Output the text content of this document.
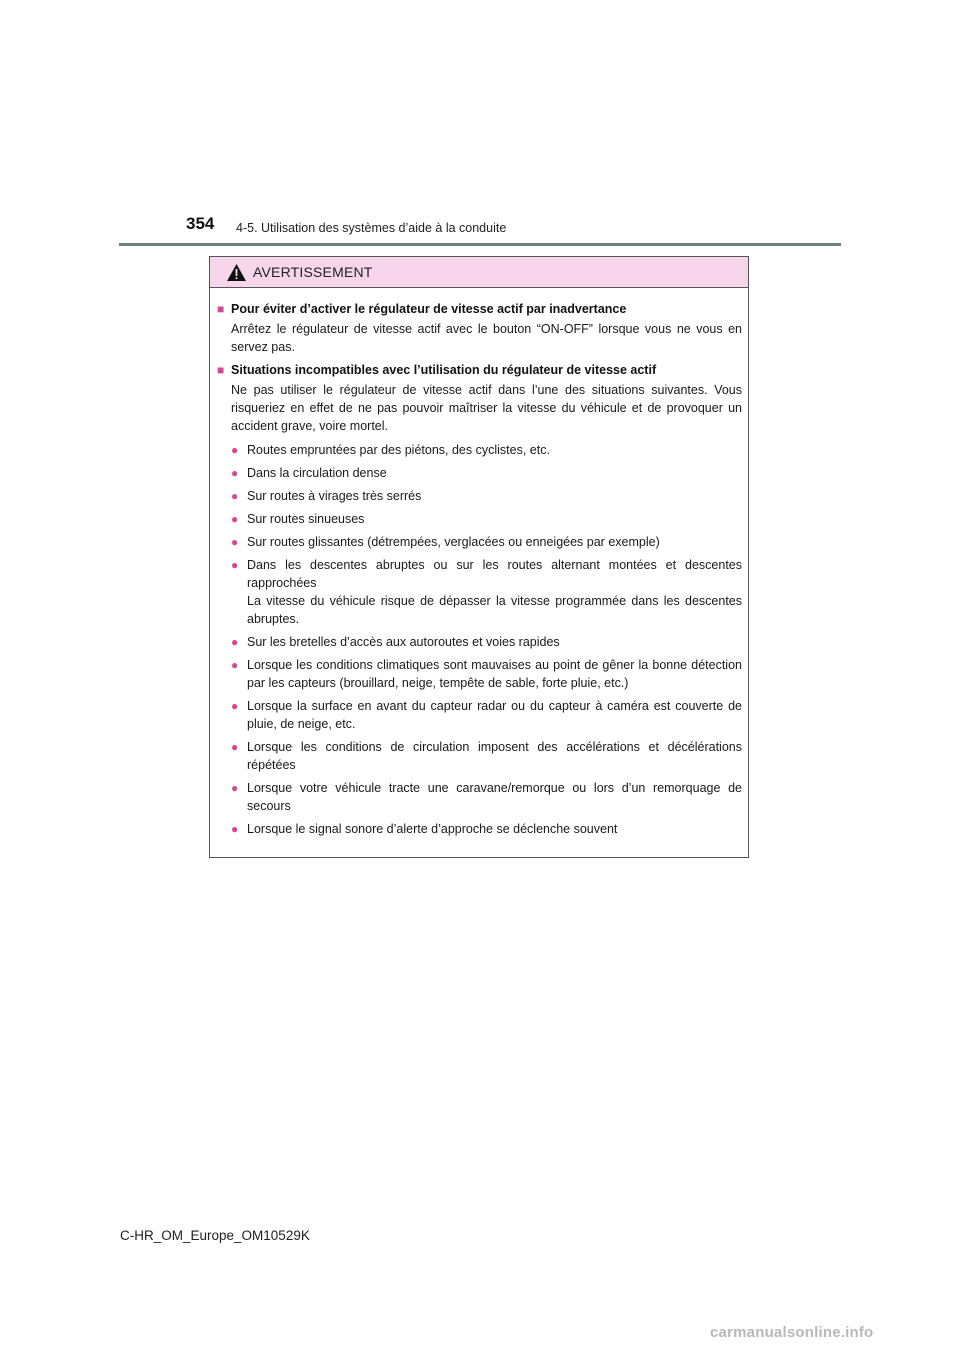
354 4-5. Utilisation des systèmes d’aide à la conduite
AVERTISSEMENT
■ Pour éviter d’activer le régulateur de vitesse actif par inadvertance
Arrêtez le régulateur de vitesse actif avec le bouton “ON-OFF” lorsque vous ne vous en servez pas.
■ Situations incompatibles avec l’utilisation du régulateur de vitesse actif
Ne pas utiliser le régulateur de vitesse actif dans l’une des situations suivantes. Vous risqueriez en effet de ne pas pouvoir maîtriser la vitesse du véhicule et de provoquer un accident grave, voire mortel.
● Routes empruntées par des piétons, des cyclistes, etc.
● Dans la circulation dense
● Sur routes à virages très serrés
● Sur routes sinueuses
● Sur routes glissantes (détrempées, verglacées ou enneigées par exemple)
● Dans les descentes abruptes ou sur les routes alternant montées et descentes rapprochées
La vitesse du véhicule risque de dépasser la vitesse programmée dans les descentes abruptes.
● Sur les bretelles d’accès aux autoroutes et voies rapides
● Lorsque les conditions climatiques sont mauvaises au point de gêner la bonne détection par les capteurs (brouillard, neige, tempête de sable, forte pluie, etc.)
● Lorsque la surface en avant du capteur radar ou du capteur à caméra est couverte de pluie, de neige, etc.
● Lorsque les conditions de circulation imposent des accélérations et décélérations répétées
● Lorsque votre véhicule tracte une caravane/remorque ou lors d’un remorquage de secours
● Lorsque le signal sonore d’alerte d’approche se déclenche souvent
C-HR_OM_Europe_OM10529K
carmanualsonline.info
